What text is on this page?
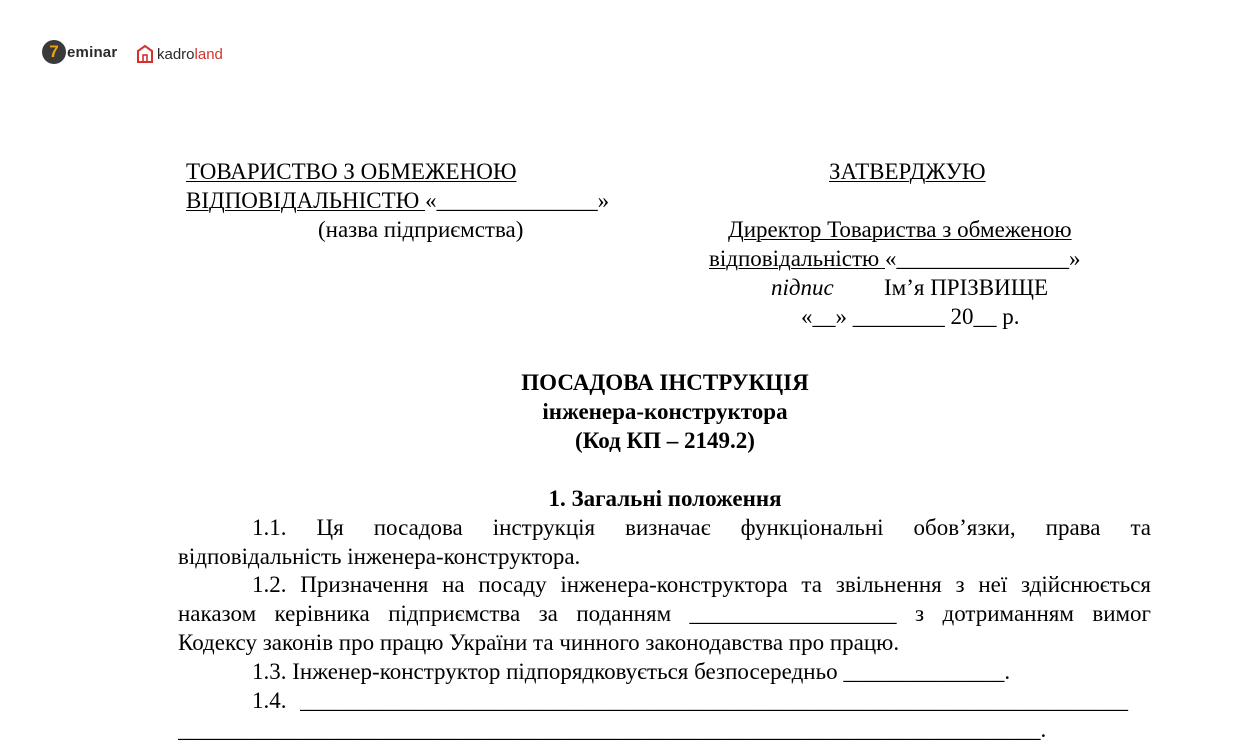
7 eminar	kadro land
ТОВАРИСТВО З ОБМЕЖЕНОЮ
ВІДПОВІДАЛЬНІСТЮ «______________»
(назва підприємства)
ЗАТВЕРДЖУЮ
Директор Товариства з обмеженою
відповідальністю «_______________»
підпис Ім’я ПРІЗВИЩЕ
«__» ________ 20__ р.
ПОСАДОВА ІНСТРУКЦІЯ
інженера-конструктора
(Код КП – 2149.2)
1. Загальні положення
1.1. Ця посадова інструкція визначає функціональні обов’язки, права та
відповідальність інженера-конструктора.
1.2. Призначення на посаду інженера-конструктора та звільнення з неї здійснюється
наказом керівника підприємства за поданням __________________ з дотриманням вимог
Кодексу законів про працю України та чинного законодавства про працю.
1.3. Інженер-конструктор підпорядковується безпосередньо ______________.
1.4. ________________________________________________________________________
___________________________________________________________________________.
